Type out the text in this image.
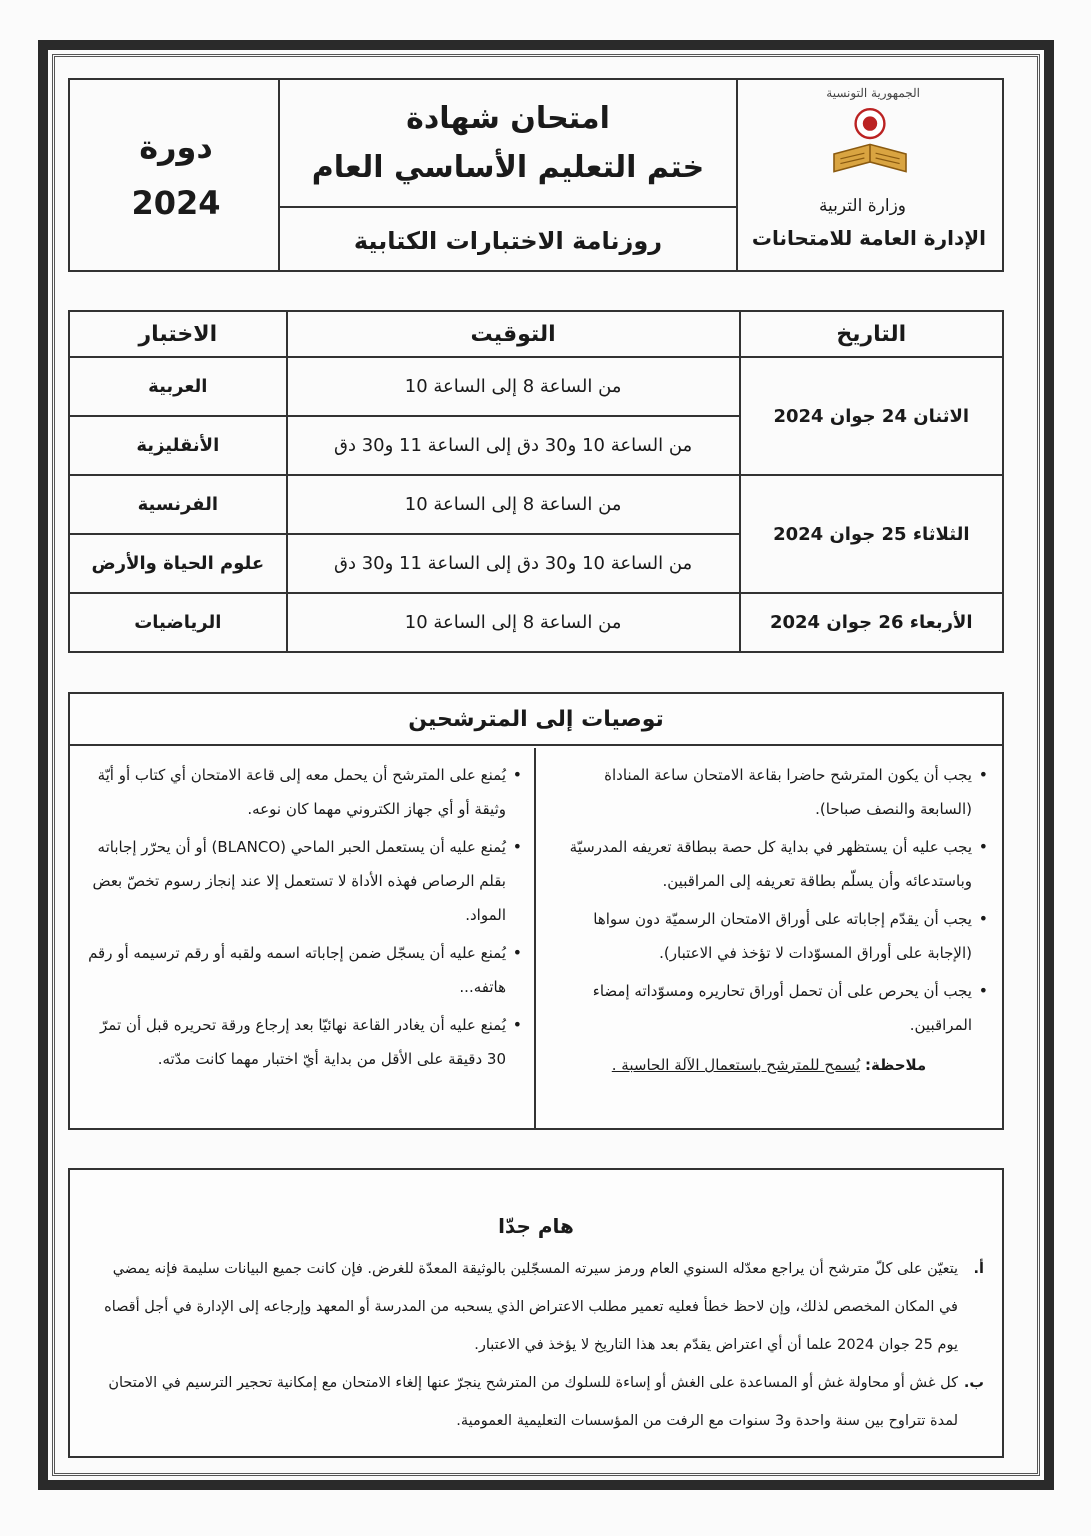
الجمهورية التونسية
وزارة التربية
الإدارة العامة للامتحانات
امتحان شهادة
ختم التعليم الأساسي العام
روزنامة الاختبارات الكتابية
دورة
2024
التاريخ	التوقيت	الاختبار
الاثنان 24 جوان 2024	من الساعة 8 إلى الساعة 10	العربية
	من الساعة 10 و30 دق إلى الساعة 11 و30 دق	الأنقليزية
الثلاثاء 25 جوان 2024	من الساعة 8 إلى الساعة 10	الفرنسية
	من الساعة 10 و30 دق إلى الساعة 11 و30 دق	علوم الحياة والأرض
الأربعاء 26 جوان 2024	من الساعة 8 إلى الساعة 10	الرياضيات
توصيات إلى المترشحين
• يجب أن يكون المترشح حاضرا بقاعة الامتحان ساعة المناداة (السابعة والنصف صباحا).
• يجب عليه أن يستظهر في بداية كل حصة ببطاقة تعريفه المدرسيّة وباستدعائه وأن يسلّم بطاقة تعريفه إلى المراقبين.
• يجب أن يقدّم إجاباته على أوراق الامتحان الرسميّة دون سواها (الإجابة على أوراق المسوّدات لا تؤخذ في الاعتبار).
• يجب أن يحرص على أن تحمل أوراق تحاريره ومسوّداته إمضاء المراقبين.
ملاحظة: يُسمح للمترشح باستعمال الآلة الحاسبة .
• يُمنع على المترشح أن يحمل معه إلى قاعة الامتحان أي كتاب أو أيّة وثيقة أو أي جهاز الكتروني مهما كان نوعه.
• يُمنع عليه أن يستعمل الحبر الماحي (BLANCO) أو أن يحرّر إجاباته بقلم الرصاص فهذه الأداة لا تستعمل إلا عند إنجاز رسوم تخصّ بعض المواد.
• يُمنع عليه أن يسجّل ضمن إجاباته اسمه ولقبه أو رقم ترسيمه أو رقم هاتفه...
• يُمنع عليه أن يغادر القاعة نهائيّا بعد إرجاع ورقة تحريره قبل أن تمرّ 30 دقيقة على الأقل من بداية أيّ اختبار مهما كانت مدّته.
هام جدّا
أ.
يتعيّن على كلّ مترشح أن يراجع معدّله السنوي العام ورمز سيرته المسجّلين بالوثيقة المعدّة للغرض. فإن كانت جميع البيانات سليمة فإنه يمضي في المكان المخصص لذلك، وإن لاحظ خطأ فعليه تعمير مطلب الاعتراض الذي يسحبه من المدرسة أو المعهد وإرجاعه إلى الإدارة في أجل أقصاه يوم 25 جوان 2024 علما أن أي اعتراض يقدّم بعد هذا التاريخ لا يؤخذ في الاعتبار.
ب.
كل غش أو محاولة غش أو المساعدة على الغش أو إساءة للسلوك من المترشح ينجرّ عنها إلغاء الامتحان مع إمكانية تحجير الترسيم في الامتحان لمدة تتراوح بين سنة واحدة و3 سنوات مع الرفت من المؤسسات التعليمية العمومية.
